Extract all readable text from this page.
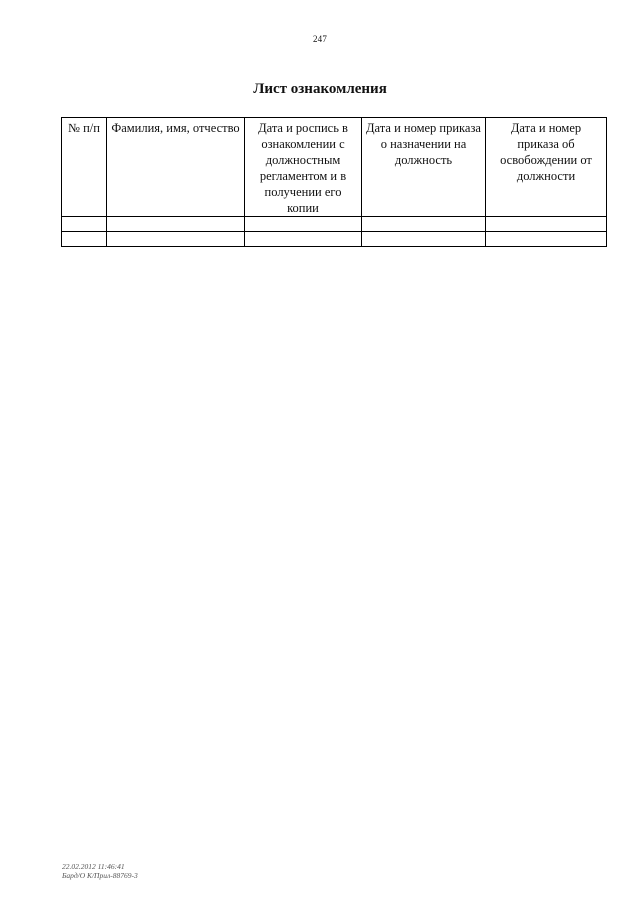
247
Лист ознакомления
№ п/п	Фамилия, имя, отчество	Дата и роспись в ознакомлении с должностным регламентом и в получении его копии	Дата и номер приказа о назначении на должность	Дата и номер приказа об освобождении от должности

22.02.2012 11:46:41
Бард/О К/Прил-88769-3
